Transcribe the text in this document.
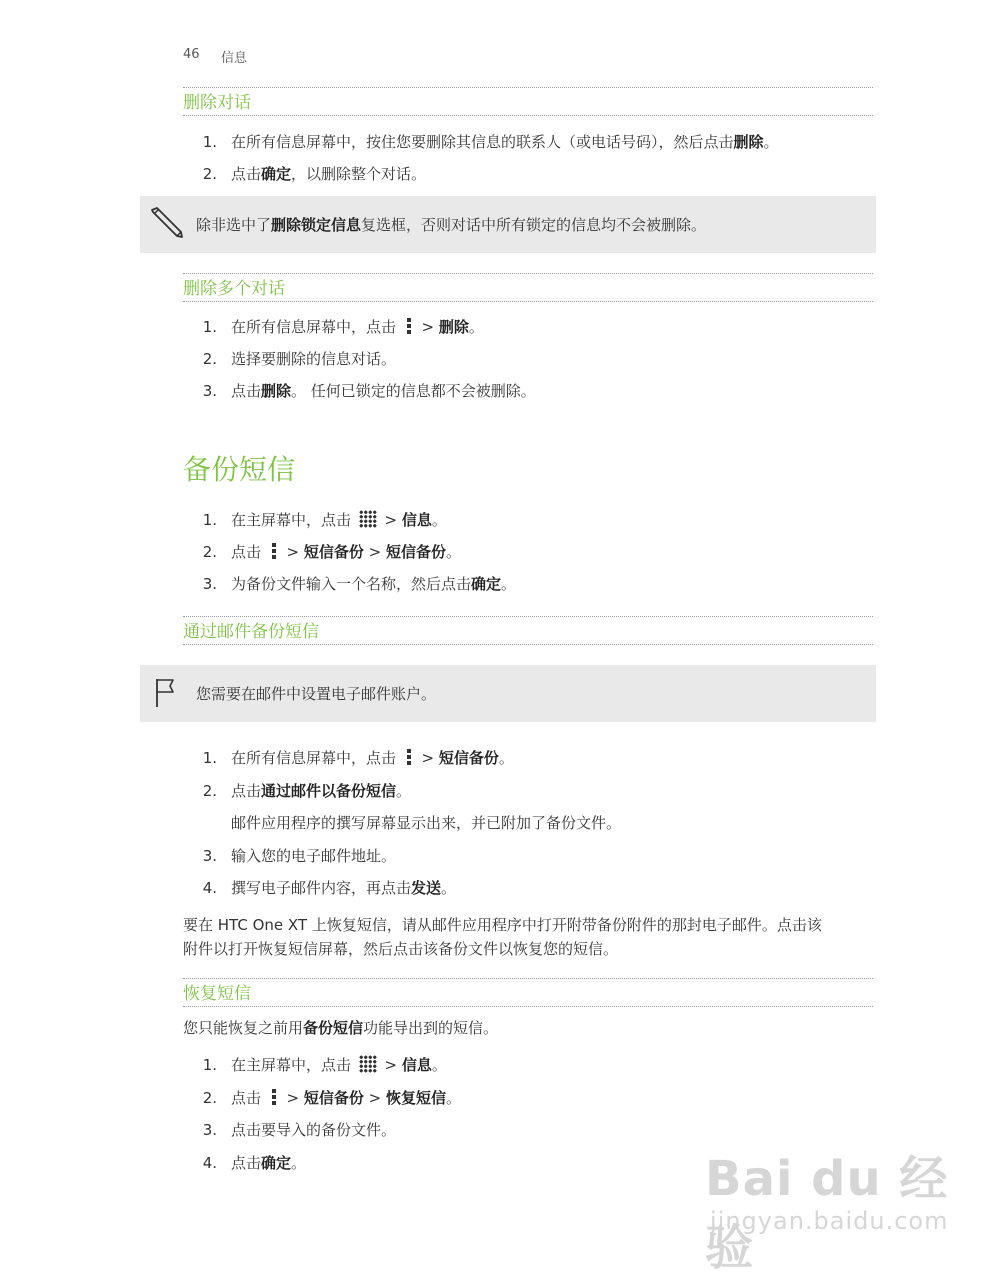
46 信息
删除对话
1. 在所有信息屏幕中，按住您要删除其信息的联系人（或电话号码），然后点击删除。
2. 点击确定，以删除整个对话。
除非选中了删除锁定信息复选框，否则对话中所有锁定的信息均不会被删除。
删除多个对话
1. 在所有信息屏幕中，点击
> 删除。
2. 选择要删除的信息对话。
3. 点击删除。 任何已锁定的信息都不会被删除。
备份短信
1. 在主屏幕中，点击  > 信息。
2. 点击
> 短信备份 > 短信备份。
3. 为备份文件输入一个名称，然后点击确定。
通过邮件备份短信
您需要在邮件中设置电子邮件账户。
1. 在所有信息屏幕中，点击
> 短信备份。
2. 点击通过邮件以备份短信。
邮件应用程序的撰写屏幕显示出来，并已附加了备份文件。
3. 输入您的电子邮件地址。
4. 撰写电子邮件内容，再点击发送。
要在 HTC One XT 上恢复短信，请从邮件应用程序中打开附带备份附件的那封电子邮件。点击该
附件以打开恢复短信屏幕，然后点击该备份文件以恢复您的短信。
恢复短信
您只能恢复之前用备份短信功能导出到的短信。
1. 在主屏幕中，点击  > 信息。
2. 点击
> 短信备份 > 恢复短信。
3. 点击要导入的备份文件。
4. 点击确定。	Bai du 经验
jingyan.baidu.com
